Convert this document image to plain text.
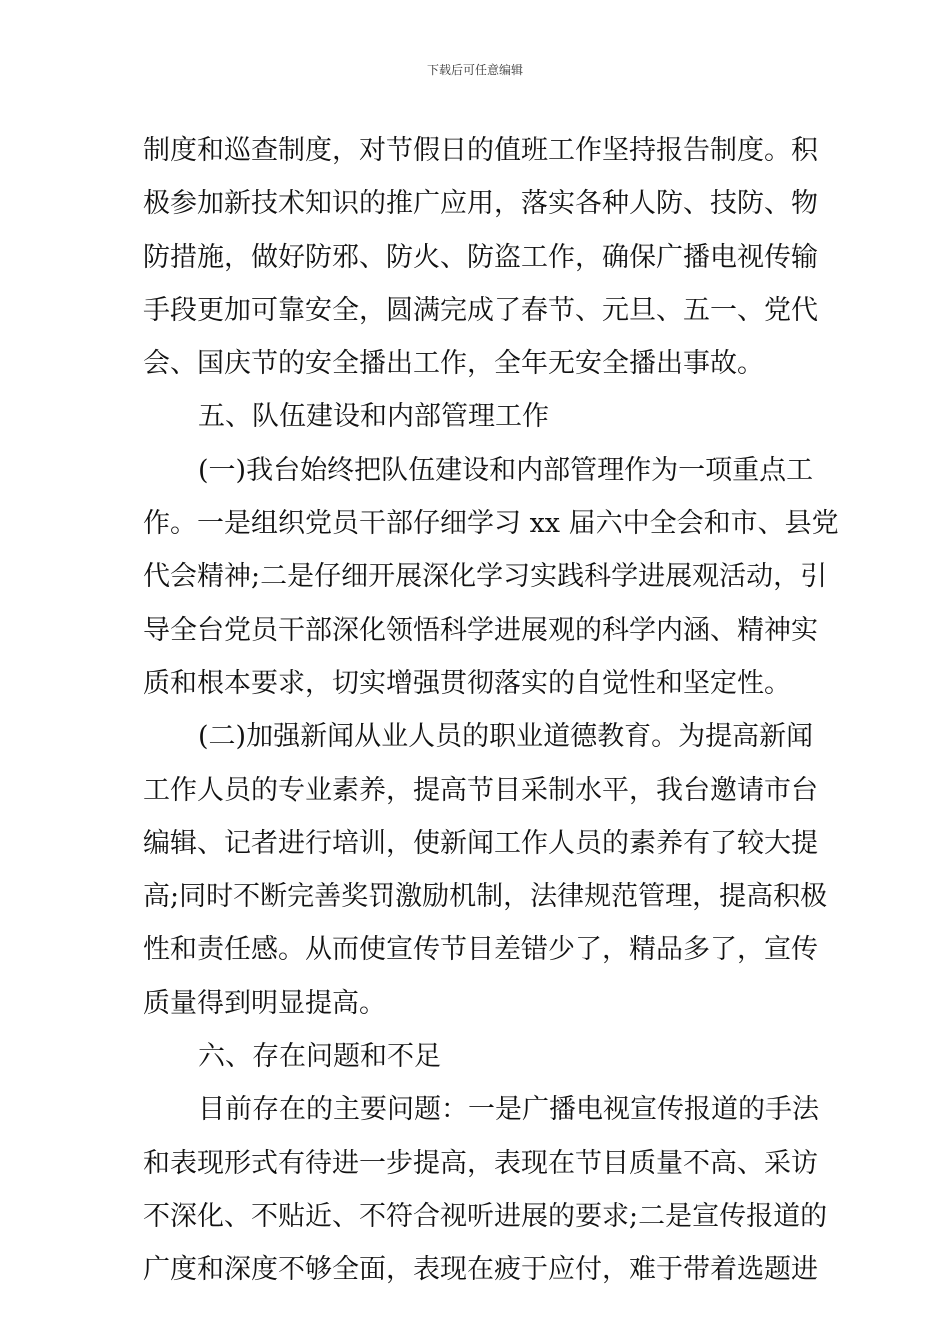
下载后可任意编辑
制度和巡查制度，对节假日的值班工作坚持报告制度。积
极参加新技术知识的推广应用，落实各种人防、技防、物
防措施，做好防邪、防火、防盗工作，确保广播电视传输
手段更加可靠安全，圆满完成了春节、元旦、五一、党代
会、国庆节的安全播出工作，全年无安全播出事故。
五、队伍建设和内部管理工作
(一)我台始终把队伍建设和内部管理作为一项重点工
作。一是组织党员干部仔细学习 xx 届六中全会和市、县党
代会精神;二是仔细开展深化学习实践科学进展观活动，引
导全台党员干部深化领悟科学进展观的科学内涵、精神实
质和根本要求，切实增强贯彻落实的自觉性和坚定性。
(二)加强新闻从业人员的职业道德教育。为提高新闻
工作人员的专业素养，提高节目采制水平，我台邀请市台
编辑、记者进行培训，使新闻工作人员的素养有了较大提
高;同时不断完善奖罚激励机制，法律规范管理，提高积极
性和责任感。从而使宣传节目差错少了，精品多了，宣传
质量得到明显提高。
六、存在问题和不足
目前存在的主要问题：一是广播电视宣传报道的手法
和表现形式有待进一步提高，表现在节目质量不高、采访
不深化、不贴近、不符合视听进展的要求;二是宣传报道的
广度和深度不够全面，表现在疲于应付，难于带着选题进
